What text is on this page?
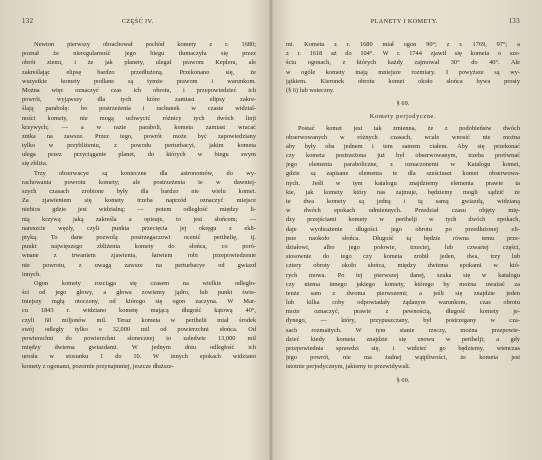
132	CZĘŚĆ IV.
Newton pierwszy obrachował pochód komety z r. 1680;
poznał że nieregularność jego biegu tłumaczyła się przez
obrót ziemi, i że jak planety, ulegał prawom Keplera, ale
zakreślając elipsę bardzo przedłużoną. Przekonano się, że
wszystkie komety podlane są tymże prawom i warunkom.
Można więc oznaczyć czas ich obrotu, i przepowiedzieć ich
powrót, wyjąwszy dla tych które zamiast elipsy zakre-
ślają parabolę: bo postrzeżenia i rachunek w czasie widzial-
ności komety, nie mogą uchwycić różnicy tych dwóch linji
krzywych; — a w razie paraboli, kometa zamiast wracać
znika na zawsze. Przez tego, powrót może być zapowiedziany
tylko w przybliżeniu, z powodu perturbacyi, jakim kometa
ulega przez przyciąganie planet, do których w biegu swym
się zbliża.
Trzy obserwacye są konieczne dla astronomów, do wy-
rachowania powrotu komety; ale postrzeżenia te w dawniej-
szych czasach zrobione były dla bardzo nie wielu komet.
Za zjawieniem się komety trzeba naprzód oznaczyć miejsce
niebios gdzie jest widzialną; — potem odległość między li-
nią krzywą jaką zakreśla a opisuje, to jest słońcem; —
nareszcie węzły, czyli punkta przecięcia jej okręgu z ekli-
ptyką. To dane pozwolą postrzegaczowi ocenić perihelię, tj.
punkt najwięszego zbliżenia komety do słońca, co poró-
wnane z trwaniem zjawienia, łatwiem robi przepowiedzenie
nie powrotu, z uwagą zawsze na perturbacye od gwiazd
innych.
Ogon komety rozciąga się czasem na wielkie odległo-
ści od jego głowy, a głowa zowiemy jądro, lub punkt świe-
tniejszy mgłą otoczony, od którego się ogon zaczyna. W Mar-
cu 1843 r. widziano kometę mającą długość kątową 40°,
czyli 60 miljonów mil. Teraz kometa w perihelii miał środek
swój odległy tylko o 32,000 mil od powierzchni słońca. Od
powierzchni do powierzchni słonecznej to zaledwie 13,000 mil
między dwiema gwiazdami. W jednym dniu odległość ich
urosła w stosunku 1 do 10. W innych epokach widziano
komety z ogonami, pozornie przynajmniej, jeszcze dłuższe-
PLANETY I KOMETY.	133
mi. Kometa z r. 1680 miał ogon 90°; z r. 1769, 97°; a
z r. 1618 aż do 104°. W r. 1744 zjawił się kometa o sze-
ściu ogonach, z których każdy zajmował 30° do 40°. Ale
w ogóle komety mają mniejsze rozmiary. I powyższe są wy-
jątkiem. Kierunek obrotu komet około słońca bywa prosty
(§ 6) lub wsteczny.
§ 69.
Komety perjodyczne.
Postać komet jest tak zmienna, że z podobieństw dwóch
obserwowanych w różnych czasach, wcale wnosić nie można
aby były oba jednem i tem samem ciałem. Aby się przekonać
czy kometa postrzeżona już był obserwowanym, trzeba porównać
jego elementa paraboliczne, z oznaczonemi w Katalogu komet,
gdzie są zapisane elementa te dla sześciuset komet obserwowa-
nych. Jeśli w tym katalogu znajdziemy elementa prawie ta
kie, jak komety który nas zajmuje, będziemy mogli sądzić że
te dwa komety są jedną i tą samą gwiazdą, widzianą
w dwóch epokach odmiennych. Przedział czasu objęty mię-
dzy przejściami komety w perihelji w tych dwóch epokach,
daje wyobrażenie długości jego obrotu po przedłużonej eli-
psie naokoło słońca. Długość tą będzie równa temu prze-
działowi, albo jego połowie, trzeciej, lub czwartej części,
stosownie do tego czy kometa zrobił jeden, dwa, trzy lub
cztery obroty około słońca, między dwiema epokami w któ-
rych mowa. Po tej pierwszej danej, szuka się w katalogu
czy niema innego jakiego komety, którego by można uważać za
tenże sam z dwoma pierwszemi; a jeśli się znajdzie jeden
lub kilka coby odpowiadały żądanym warunkom, czas obrotu
może oznaczyć, prawie z pewnością, długość komety je-
dynego, — który, przypuszczany, był postrzegany w cza-
sach rozmaitych. W tym stanie rzeczy, można przepowie-
dzieć kiedy kometa znajdzie się znowu w perihelji; a gdy
przepowiednia sprawdzi się, i widzieć go będziemy, wtenczas
jego powrót, nie ma żadnej wątpliwości, że kometa jest
istotnie perjodycznym, jakiemy to przewidywali.
§ 69.
